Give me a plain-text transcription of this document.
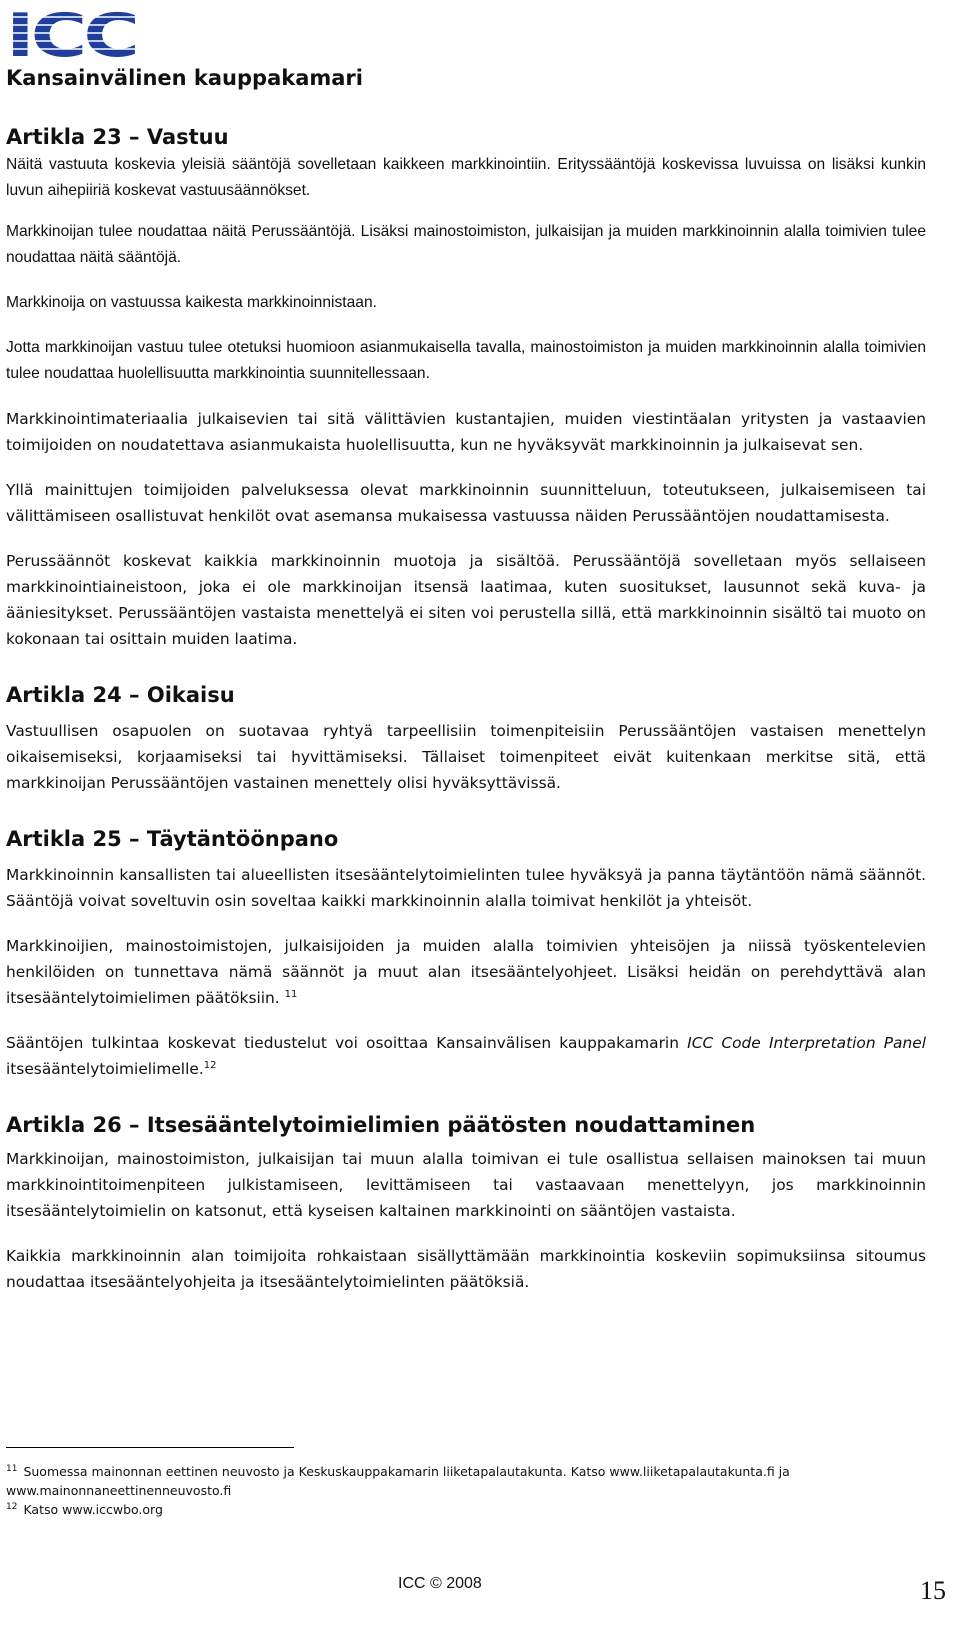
ICC
Kansainvälinen kauppakamari
Artikla 23 – Vastuu

Näitä vastuuta koskevia yleisiä sääntöjä sovelletaan kaikkeen markkinointiin. Erityssääntöjä koskevissa luvuissa on lisäksi kunkin luvun aihepiiriä koskevat vastuusäännökset.

Markkinoijan tulee noudattaa näitä Perussääntöjä. Lisäksi mainostoimiston, julkaisijan ja muiden markkinoinnin alalla toimivien tulee noudattaa näitä sääntöjä.

Markkinoija on vastuussa kaikesta markkinoinnistaan.

Jotta markkinoijan vastuu tulee otetuksi huomioon asianmukaisella tavalla, mainostoimiston ja muiden markkinoinnin alalla toimivien tulee noudattaa huolellisuutta markkinointia suunnitellessaan.

Markkinointimateriaalia julkaisevien tai sitä välittävien kustantajien, muiden viestintäalan yritysten ja vastaavien toimijoiden on noudatettava asianmukaista huolellisuutta, kun ne hyväksyvät markkinoinnin ja julkaisevat sen.

Yllä mainittujen toimijoiden palveluksessa olevat markkinoinnin suunnitteluun, toteutukseen, julkaisemiseen tai välittämiseen osallistuvat henkilöt ovat asemansa mukaisessa vastuussa näiden Perussääntöjen noudattamisesta.

Perussäännöt koskevat kaikkia markkinoinnin muotoja ja sisältöä. Perussääntöjä sovelletaan myös sellaiseen markkinointiaineistoon, joka ei ole markkinoijan itsensä laatimaa, kuten suositukset, lausunnot sekä kuva- ja ääniesitykset. Perussääntöjen vastaista menettelyä ei siten voi perustella sillä, että markkinoinnin sisältö tai muoto on kokonaan tai osittain muiden laatima.

Artikla 24 – Oikaisu

Vastuullisen osapuolen on suotavaa ryhtyä tarpeellisiin toimenpiteisiin Perussääntöjen vastaisen menettelyn oikaisemiseksi, korjaamiseksi tai hyvittämiseksi. Tällaiset toimenpiteet eivät kuitenkaan merkitse sitä, että markkinoijan Perussääntöjen vastainen menettely olisi hyväksyttävissä.

Artikla 25 – Täytäntöönpano

Markkinoinnin kansallisten tai alueellisten itsesääntelytoimielinten tulee hyväksyä ja panna täytäntöön nämä säännöt. Sääntöjä voivat soveltuvin osin soveltaa kaikki markkinoinnin alalla toimivat henkilöt ja yhteisöt.

Markkinoijien, mainostoimistojen, julkaisijoiden ja muiden alalla toimivien yhteisöjen ja niissä työskentelevien henkilöiden on tunnettava nämä säännöt ja muut alan itsesääntelyohjeet. Lisäksi heidän on perehdyttävä alan itsesääntelytoimielimen päätöksiin. $^{11}$

Sääntöjen tulkintaa koskevat tiedustelut voi osoittaa Kansainvälisen kauppakamarin ICC Code Interpretation Panel itsesääntelytoimielimelle.$^{12}$

Artikla 26 – Itsesääntelytoimielimien päätösten noudattaminen

Markkinoijan, mainostoimiston, julkaisijan tai muun alalla toimivan ei tule osallistua sellaisen mainoksen tai muun markkinointitoimenpiteen julkistamiseen, levittämiseen tai vastaavaan menettelyyn, jos markkinoinnin itsesääntelytoimielin on katsonut, että kyseisen kaltainen markkinointi on sääntöjen vastaista.

Kaikkia markkinoinnin alan toimijoita rohkaistaan sisällyttämään markkinointia koskeviin sopimuksiinsa sitoumus noudattaa itsesääntelyohjeita ja itsesääntelytoimielinten päätöksiä.

$^{11}$ Suomessa mainonnan eettinen neuvosto ja Keskuskauppakamarin liiketapalautakunta. Katso www.liiketapalautakunta.fi ja www.mainonnaneettinenneuvosto.fi
$^{12}$ Katso www.iccwbo.org
ICC © 2008	15
